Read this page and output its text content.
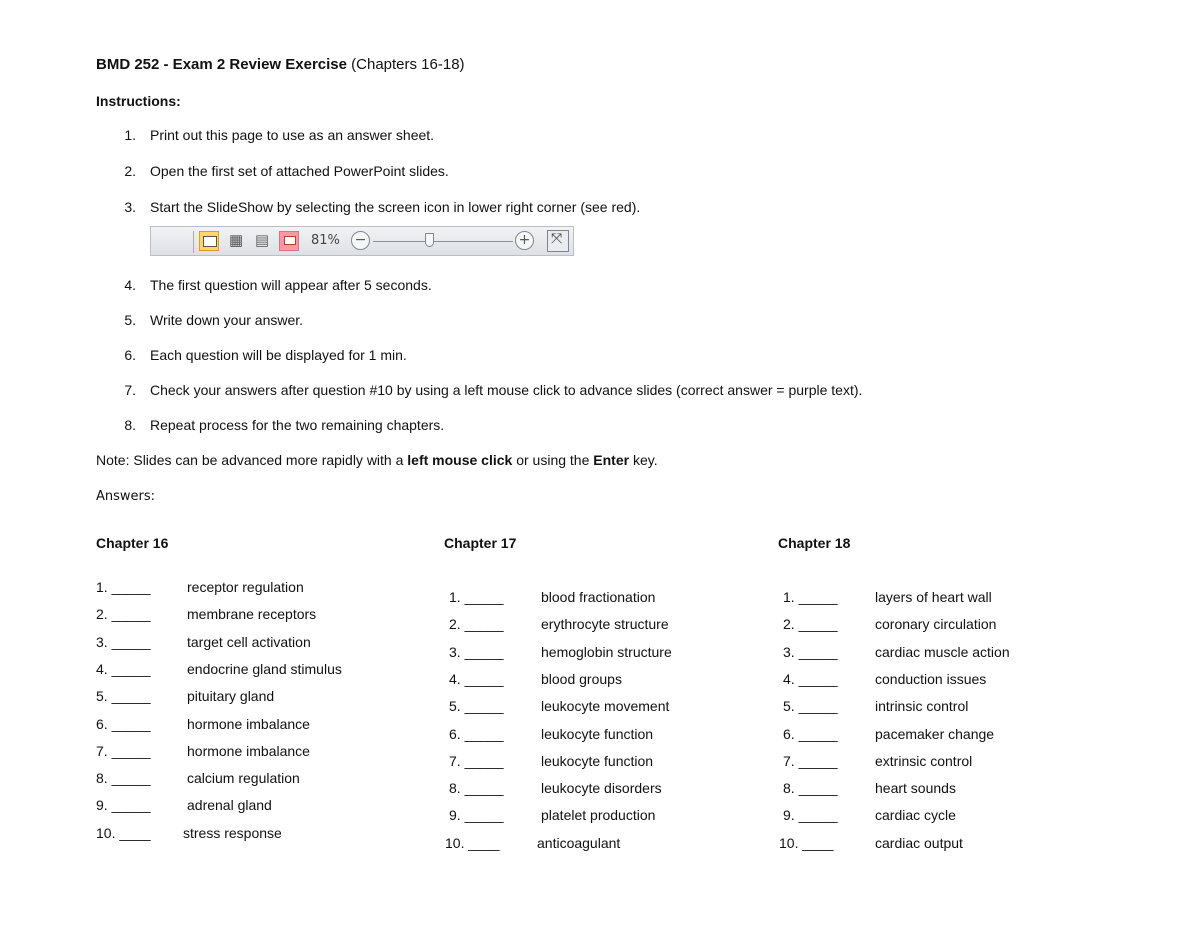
BMD 252 - Exam 2 Review Exercise (Chapters 16-18)
Instructions:
1. Print out this page to use as an answer sheet.
2. Open the first set of attached PowerPoint slides.
3. Start the SlideShow by selecting the screen icon in lower right corner (see red).
4. The first question will appear after 5 seconds.
5. Write down your answer.
6. Each question will be displayed for 1 min.
7. Check your answers after question #10 by using a left mouse click to advance slides (correct answer = purple text).
8. Repeat process for the two remaining chapters.
▦
▤
81% −	+
⤧
Note: Slides can be advanced more rapidly with a left mouse click or using the Enter key.
Answers:
Chapter 16
1. _____	receptor regulation
2. _____	membrane receptors
3. _____	target cell activation
4. _____	endocrine gland stimulus
5. _____	pituitary gland
6. _____	hormone imbalance
7. _____	hormone imbalance
8. _____	calcium regulation
9. _____	adrenal gland
10. ____ stress response
Chapter 17
1. _____	blood fractionation
2. _____	erythrocyte structure
3. _____	hemoglobin structure
4. _____	blood groups
5. _____	leukocyte movement
6. _____	leukocyte function
7. _____	leukocyte function
8. _____	leukocyte disorders
9. _____	platelet production
10. ____	anticoagulant
Chapter 18
1. _____	layers of heart wall
2. _____	coronary circulation
3. _____	cardiac muscle action
4. _____	conduction issues
5. _____	intrinsic control
6. _____	pacemaker change
7. _____	extrinsic control
8. _____	heart sounds
9. _____	cardiac cycle
10. ____	cardiac output
